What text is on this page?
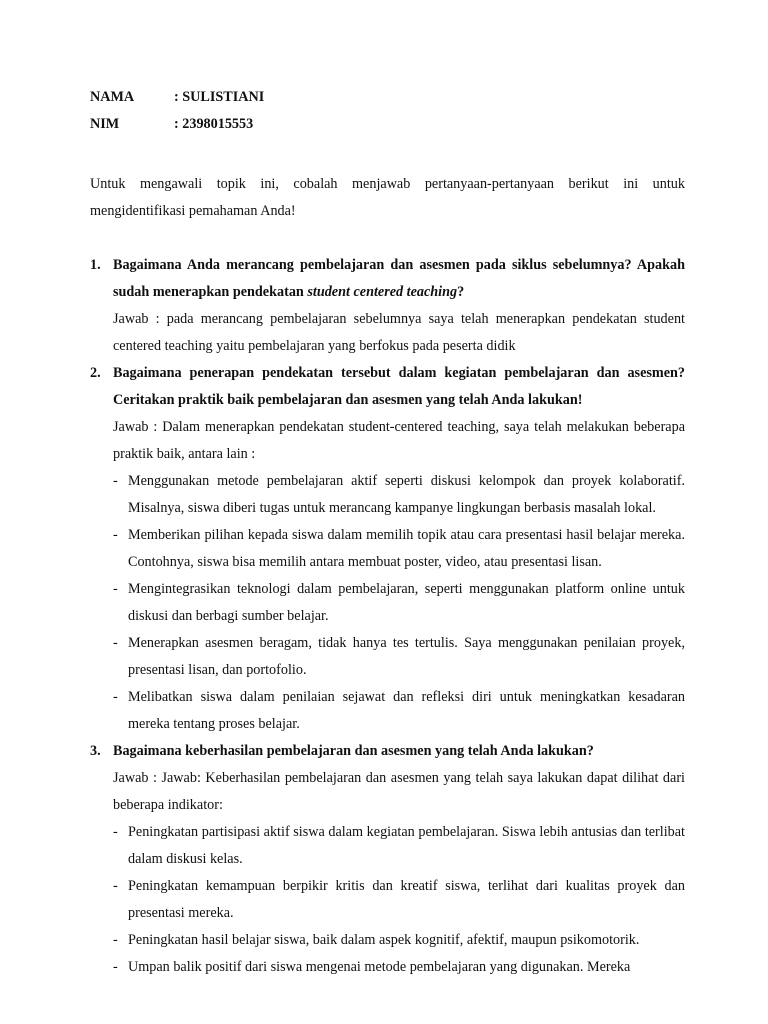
NAMA	: SULISTIANI
NIM	: 2398015553

Untuk mengawali topik ini, cobalah menjawab pertanyaan-pertanyaan berikut ini untuk mengidentifikasi pemahaman Anda!

1. Bagaimana Anda merancang pembelajaran dan asesmen pada siklus sebelumnya? Apakah sudah menerapkan pendekatan student centered teaching?
Jawab : pada merancang pembelajaran sebelumnya saya telah menerapkan pendekatan student centered teaching yaitu pembelajaran yang berfokus pada peserta didik
2. Bagaimana penerapan pendekatan tersebut dalam kegiatan pembelajaran dan asesmen? Ceritakan praktik baik pembelajaran dan asesmen yang telah Anda lakukan!
Jawab : Dalam menerapkan pendekatan student-centered teaching, saya telah melakukan beberapa praktik baik, antara lain :
- Menggunakan metode pembelajaran aktif seperti diskusi kelompok dan proyek kolaboratif. Misalnya, siswa diberi tugas untuk merancang kampanye lingkungan berbasis masalah lokal.
- Memberikan pilihan kepada siswa dalam memilih topik atau cara presentasi hasil belajar mereka. Contohnya, siswa bisa memilih antara membuat poster, video, atau presentasi lisan.
- Mengintegrasikan teknologi dalam pembelajaran, seperti menggunakan platform online untuk diskusi dan berbagi sumber belajar.
- Menerapkan asesmen beragam, tidak hanya tes tertulis. Saya menggunakan penilaian proyek, presentasi lisan, dan portofolio.
- Melibatkan siswa dalam penilaian sejawat dan refleksi diri untuk meningkatkan kesadaran mereka tentang proses belajar.
3. Bagaimana keberhasilan pembelajaran dan asesmen yang telah Anda lakukan?
Jawab : Jawab: Keberhasilan pembelajaran dan asesmen yang telah saya lakukan dapat dilihat dari beberapa indikator:
- Peningkatan partisipasi aktif siswa dalam kegiatan pembelajaran. Siswa lebih antusias dan terlibat dalam diskusi kelas.
- Peningkatan kemampuan berpikir kritis dan kreatif siswa, terlihat dari kualitas proyek dan presentasi mereka.
- Peningkatan hasil belajar siswa, baik dalam aspek kognitif, afektif, maupun psikomotorik.
- Umpan balik positif dari siswa mengenai metode pembelajaran yang digunakan. Mereka
